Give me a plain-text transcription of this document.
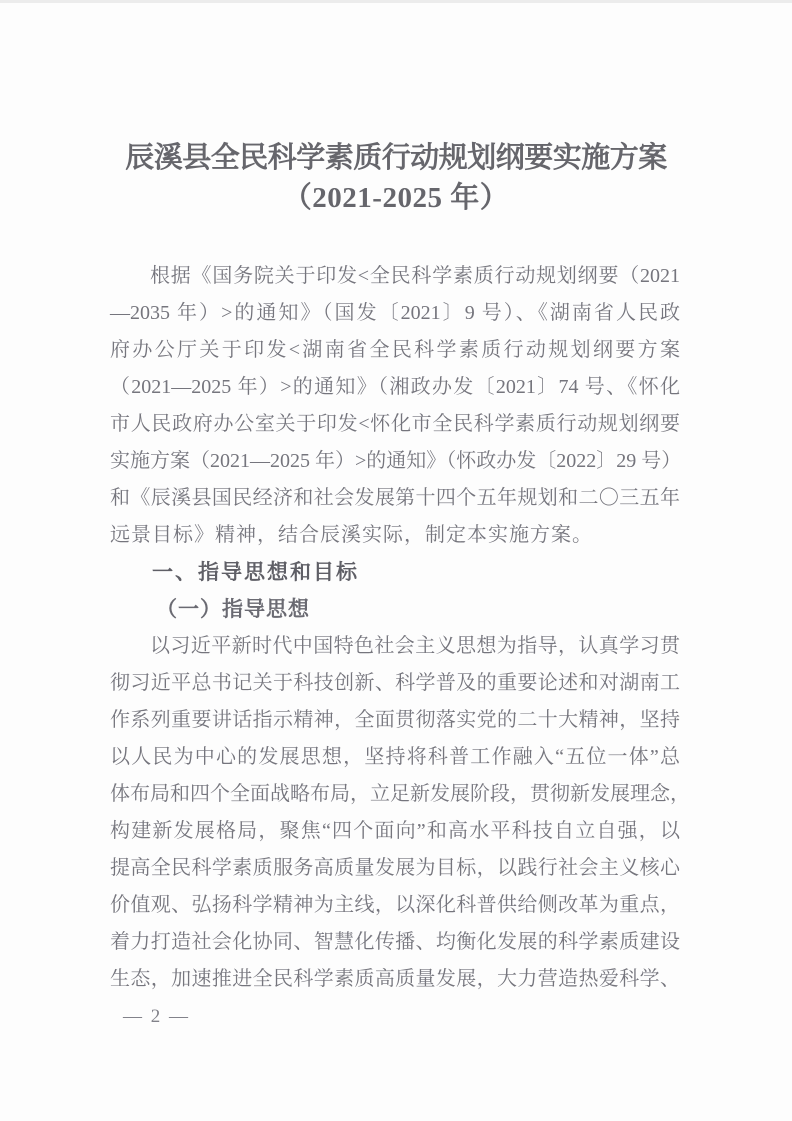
辰溪县全民科学素质行动规划纲要实施方案
（2021-2025 年）
根据《国务院关于印发<全民科学素质行动规划纲要（2021
—2035 年）>的通知》（国发〔2021〕9 号）、《湖南省人民政
府办公厅关于印发<湖南省全民科学素质行动规划纲要方案
（2021—2025 年）>的通知》（湘政办发〔2021〕74 号、《怀化
市人民政府办公室关于印发<怀化市全民科学素质行动规划纲要
实施方案（2021—2025 年）>的通知》（怀政办发〔2022〕29 号）
和《辰溪县国民经济和社会发展第十四个五年规划和二〇三五年
远景目标》精神，结合辰溪实际，制定本实施方案。
一、指导思想和目标
（一）指导思想
以习近平新时代中国特色社会主义思想为指导，认真学习贯
彻习近平总书记关于科技创新、科学普及的重要论述和对湖南工
作系列重要讲话指示精神，全面贯彻落实党的二十大精神，坚持
以人民为中心的发展思想，坚持将科普工作融入“五位一体”总
体布局和四个全面战略布局，立足新发展阶段，贯彻新发展理念，
构建新发展格局，聚焦“四个面向”和高水平科技自立自强，以
提高全民科学素质服务高质量发展为目标，以践行社会主义核心
价值观、弘扬科学精神为主线，以深化科普供给侧改革为重点，
着力打造社会化协同、智慧化传播、均衡化发展的科学素质建设
生态，加速推进全民科学素质高质量发展，大力营造热爱科学、
— 2 —
